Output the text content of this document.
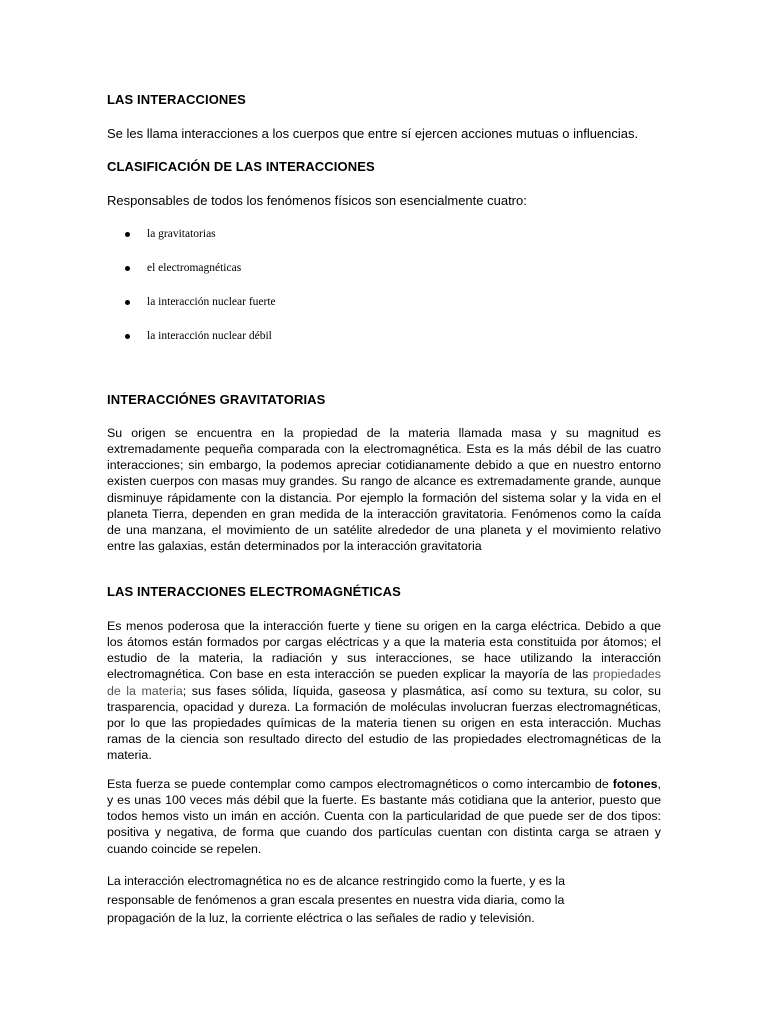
LAS INTERACCIONES
Se les llama interacciones a los cuerpos que entre sí ejercen acciones mutuas o influencias.
CLASIFICACIÓN DE LAS INTERACCIONES
Responsables de todos los fenómenos físicos son esencialmente cuatro:
la gravitatorias
el electromagnéticas
la interacción nuclear fuerte
la interacción nuclear débil
INTERACCIÓNES GRAVITATORIAS
Su origen se encuentra en la propiedad de la materia llamada masa y su magnitud es extremadamente pequeña comparada con la electromagnética. Esta es la más débil de las cuatro interacciones; sin embargo, la podemos apreciar cotidianamente debido a que en nuestro entorno existen cuerpos con masas muy grandes. Su rango de alcance es extremadamente grande, aunque disminuye rápidamente con la distancia. Por ejemplo la formación del sistema solar y la vida en el planeta Tierra, dependen en gran medida de la interacción gravitatoria. Fenómenos como la caída de una manzana, el movimiento de un satélite alrededor de una planeta y el movimiento relativo entre las galaxias, están determinados por la interacción gravitatoria
LAS INTERACCIONES ELECTROMAGNÉTICAS
Es menos poderosa que la interacción fuerte y tiene su origen en la carga eléctrica. Debido a que los átomos están formados por cargas eléctricas y a que la materia esta constituida por átomos; el estudio de la materia, la radiación y sus interacciones, se hace utilizando la interacción electromagnética. Con base en esta interacción se pueden explicar la mayoría de las propiedades de la materia; sus fases sólida, líquida, gaseosa y plasmática, así como su textura, su color, su trasparencia, opacidad y dureza. La formación de moléculas involucran fuerzas electromagnéticas, por lo que las propiedades químicas de la materia tienen su origen en esta interacción. Muchas ramas de la ciencia son resultado directo del estudio de las propiedades electromagnéticas de la materia.
Esta fuerza se puede contemplar como campos electromagnéticos o como intercambio de fotones, y es unas 100 veces más débil que la fuerte. Es bastante más cotidiana que la anterior, puesto que todos hemos visto un imán en acción. Cuenta con la particularidad de que puede ser de dos tipos: positiva y negativa, de forma que cuando dos partículas cuentan con distinta carga se atraen y cuando coincide se repelen.
La interacción electromagnética no es de alcance restringido como la fuerte, y es la responsable de fenómenos a gran escala presentes en nuestra vida diaria, como la propagación de la luz, la corriente eléctrica o las señales de radio y televisión.
